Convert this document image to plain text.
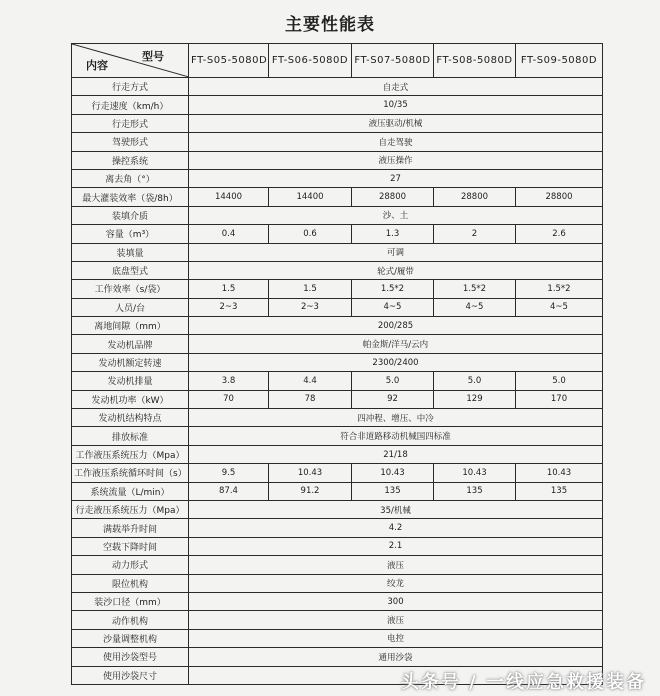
主要性能表
型号
内容	FT-S05-5080D	FT-S06-5080D	FT-S07-5080D	FT-S08-5080D	FT-S09-5080D
行走方式	自走式				
行走速度（km/h）	10/35				
行走形式	液压驱动/机械				
驾驶形式	自走驾驶				
操控系统	液压操作				
离去角（°）	27				
最大灌装效率（袋/8h）	14400	14400	28800	28800	28800
装填介质	沙、土				
容量（m³）	0.4	0.6	1.3	2	2.6
装填量	可调				
底盘型式	轮式/履带				
工作效率（s/袋）	1.5	1.5	1.5*2	1.5*2	1.5*2
人员/台	2~3	2~3	4~5	4~5	4~5
离地间隙（mm）	200/285				
发动机品牌	帕金斯/洋马/云内				
发动机额定转速	2300/2400				
发动机排量	3.8	4.4	5.0	5.0	5.0
发动机功率（kW）	70	78	92	129	170
发动机结构特点	四冲程、增压、中冷				
排放标准	符合非道路移动机械国四标准				
工作液压系统压力（Mpa）	21/18				
工作液压系统循环时间（s）	9.5	10.43	10.43	10.43	10.43
系统流量（L/min）	87.4	91.2	135	135	135
行走液压系统压力（Mpa）	35/机械				
满载举升时间	4.2				
空载下降时间	2.1				
动力形式	液压				
限位机构	绞龙				
装沙口径（mm）	300				
动作机构	液压				
沙量调整机构	电控				
使用沙袋型号	通用沙袋				
使用沙袋尺寸						头条号 / 一线应急救援装备
